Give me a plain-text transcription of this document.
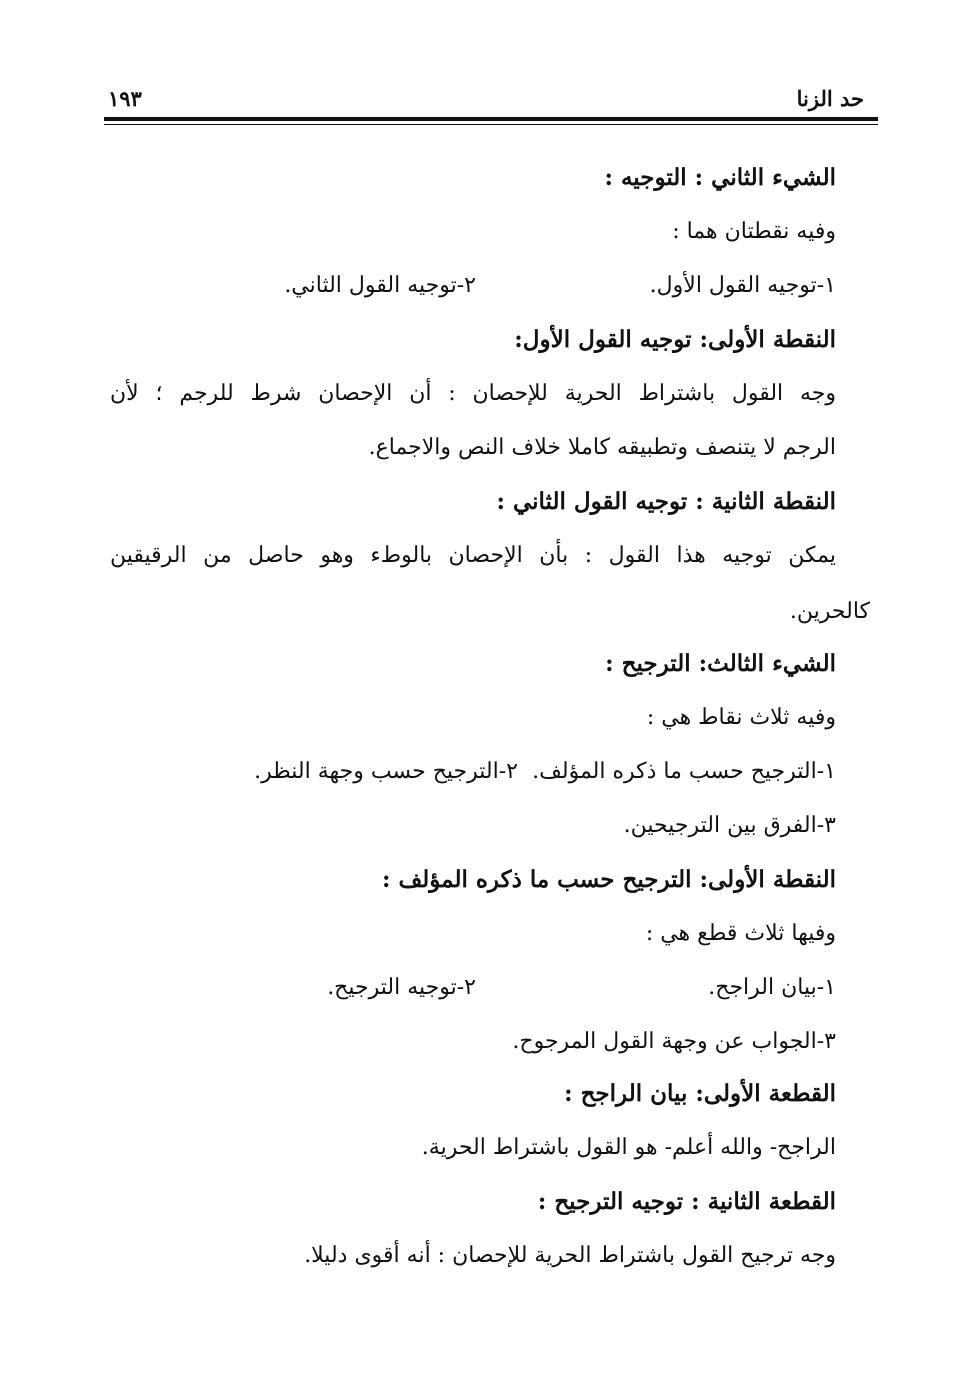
حد الزنا
١٩٣
الشيء الثاني : التوجيه :
وفيه نقطتان هما :
١-توجيه القول الأول.
٢-توجيه القول الثاني.
النقطة الأولى: توجيه القول الأول:
وجه القول باشتراط الحرية للإحصان : أن الإحصان شرط للرجم ؛ لأن
الرجم لا يتنصف وتطبيقه كاملا خلاف النص والاجماع.
النقطة الثانية : توجيه القول الثاني :
يمكن توجيه هذا القول : بأن الإحصان بالوطء وهو حاصل من الرقيقين
كالحرين.
الشيء الثالث: الترجيح :
وفيه ثلاث نقاط هي :
١-الترجيح حسب ما ذكره المؤلف.
٢-الترجيح حسب وجهة النظر.
٣-الفرق بين الترجيحين.
النقطة الأولى: الترجيح حسب ما ذكره المؤلف :
وفيها ثلاث قطع هي :
١-بيان الراجح.
٢-توجيه الترجيح.
٣-الجواب عن وجهة القول المرجوح.
القطعة الأولى: بيان الراجح :
الراجح- والله أعلم- هو القول باشتراط الحرية.
القطعة الثانية : توجيه الترجيح :
وجه ترجيح القول باشتراط الحرية للإحصان : أنه أقوى دليلا.
